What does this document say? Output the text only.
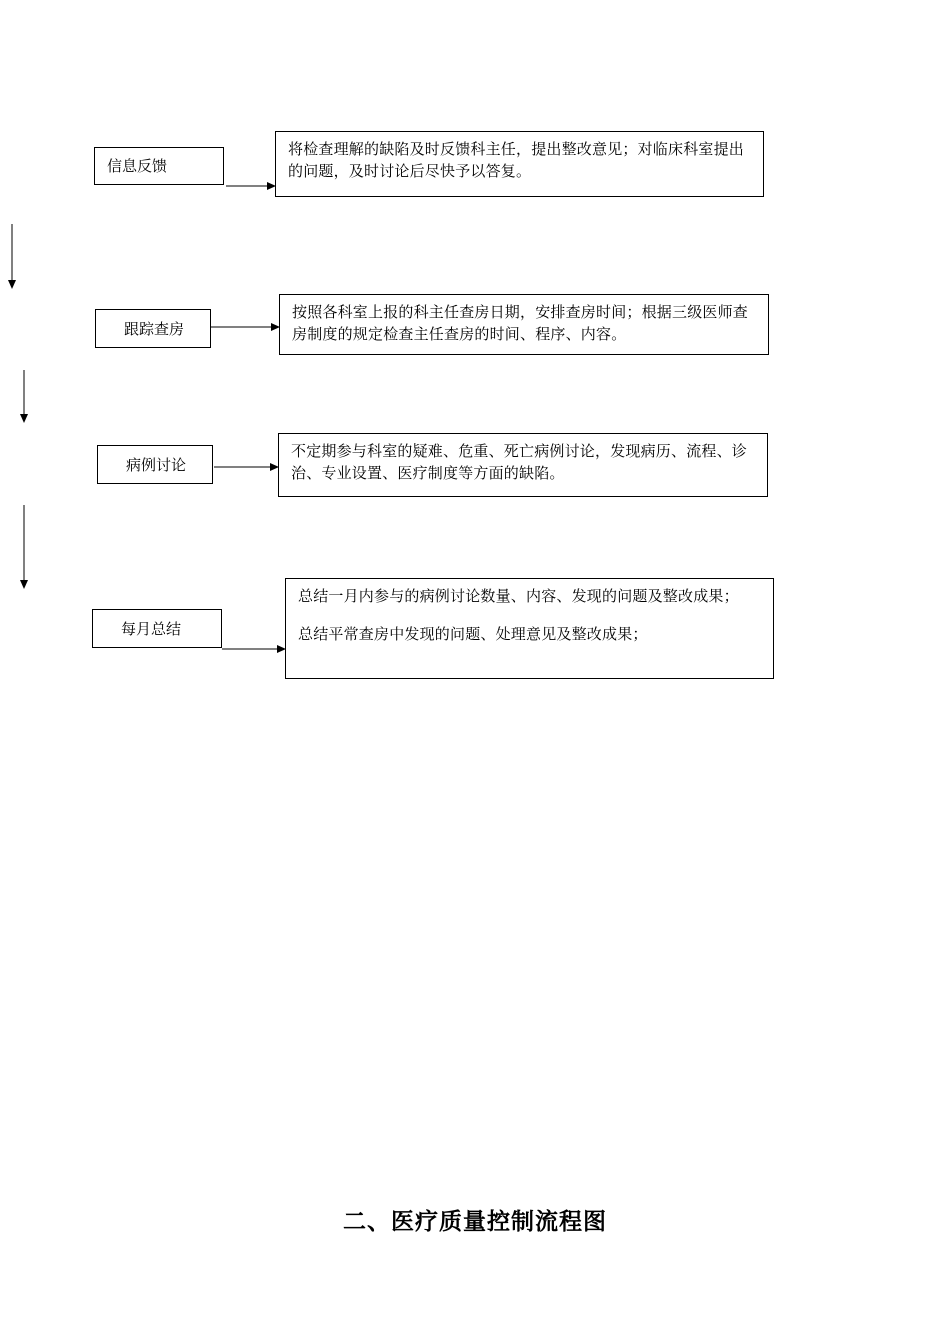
信息反馈

将检查理解的缺陷及时反馈科主任，提出整改意见；对临床科室提出的问题，及时讨论后尽快予以答复。

跟踪查房

按照各科室上报的科主任查房日期，安排查房时间；根据三级医师查房制度的规定检查主任查房的时间、程序、内容。

病例讨论

不定期参与科室的疑难、危重、死亡病例讨论，发现病历、流程、诊治、专业设置、医疗制度等方面的缺陷。

每月总结

总结一月内参与的病例讨论数量、内容、发现的问题及整改成果；

总结平常查房中发现的问题、处理意见及整改成果；

二、医疗质量控制流程图
